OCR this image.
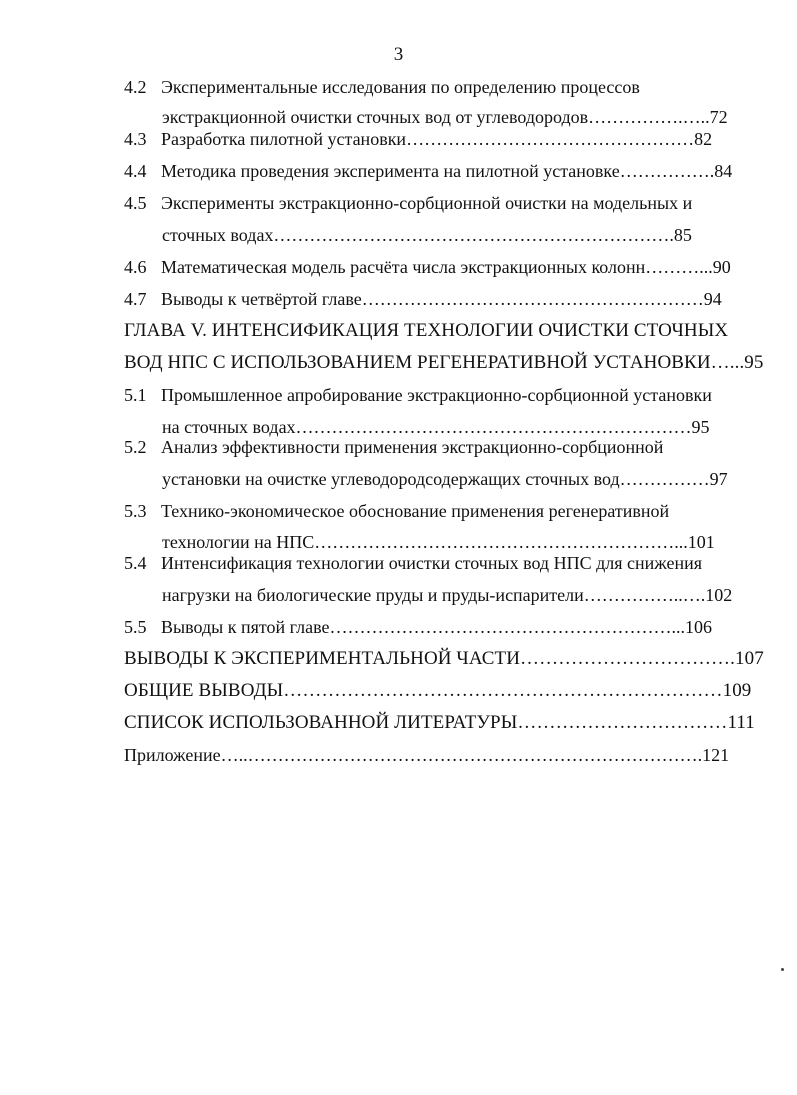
3
4.2 Экспериментальные исследования по определению процессов
экстракционной очистки сточных вод от углеводородов…………….…..72
4.3 Разработка пилотной установки…………………………………………82
4.4 Методика проведения эксперимента на пилотной установке…………….84
4.5 Эксперименты экстракционно-сорбционной очистки на модельных и
сточных водах………………………………………………………….85
4.6 Математическая модель расчёта числа экстракционных колонн………...90
4.7 Выводы к четвёртой главе…………………………………………………94
ГЛАВА V. ИНТЕНСИФИКАЦИЯ ТЕХНОЛОГИИ ОЧИСТКИ СТОЧНЫХ
ВОД НПС С ИСПОЛЬЗОВАНИЕМ РЕГЕНЕРАТИВНОЙ УСТАНОВКИ…...95
5.1 Промышленное апробирование экстракционно-сорбционной установки
на сточных водах…………………………………………………………95
5.2 Анализ эффективности применения экстракционно-сорбционной
установки на очистке углеводородсодержащих сточных вод……………97
5.3 Технико-экономическое обоснование применения регенеративной
технологии на НПС……………………………………………………...101
5.4 Интенсификация технологии очистки сточных вод НПС для снижения
нагрузки на биологические пруды и пруды-испарители……………..….102
5.5 Выводы к пятой главе…………………………………………………...106
ВЫВОДЫ К ЭКСПЕРИМЕНТАЛЬНОЙ ЧАСТИ…………………………….107
ОБЩИЕ ВЫВОДЫ……………………………………………………………109
СПИСОК ИСПОЛЬЗОВАННОЙ ЛИТЕРАТУРЫ……………………………111
Приложение…..………………………………………………………………….121
